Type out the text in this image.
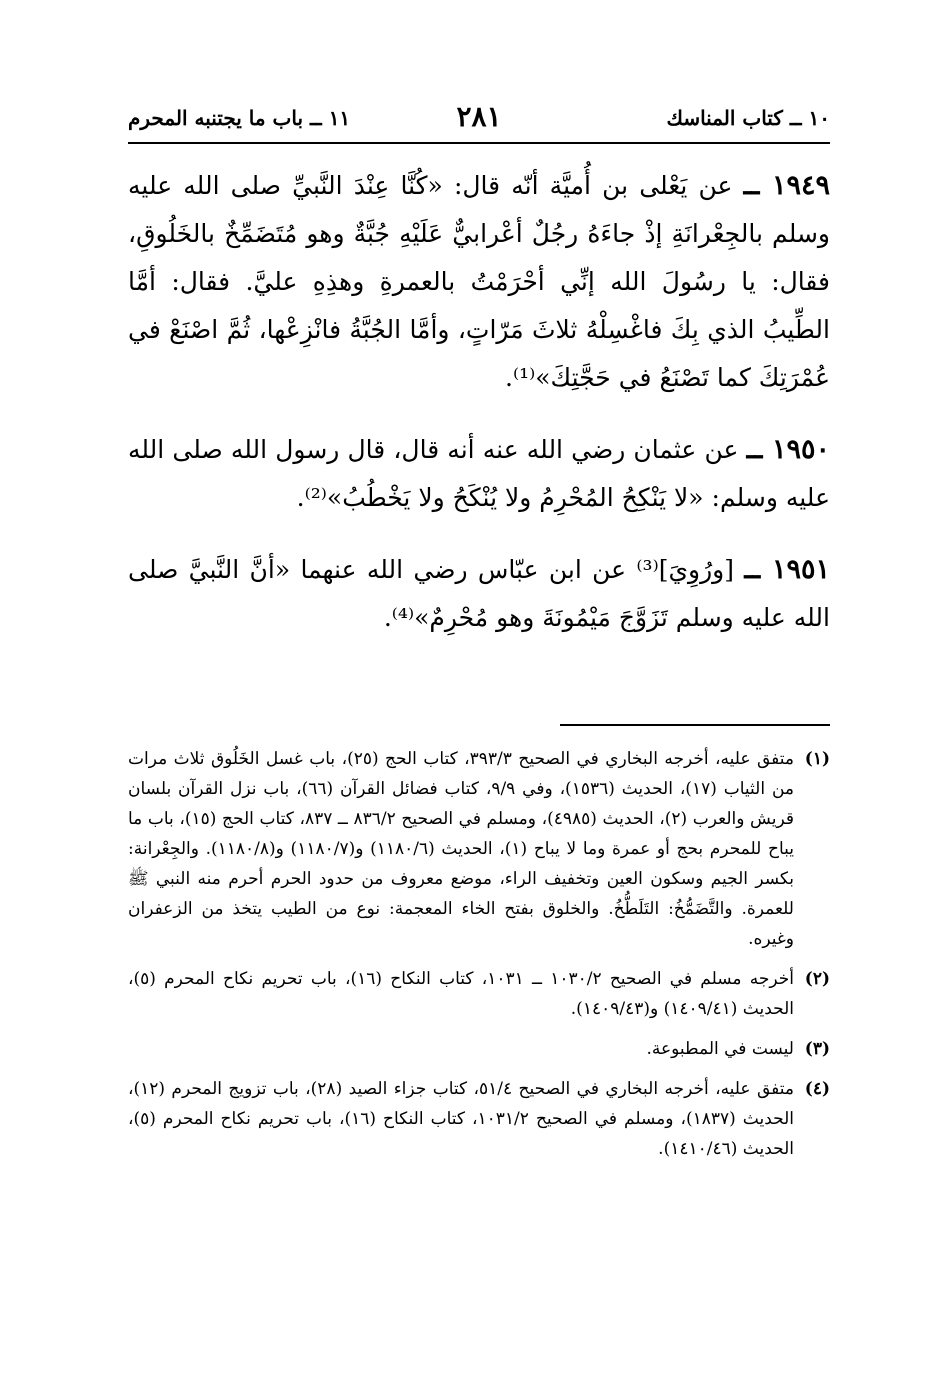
١٠ ــ كتاب المناسك
٢٨١
١١ ــ باب ما يجتنبه المحرم

١٩٤٩ ــ عن يَعْلى بن أُميَّة أنّه قال: «كُنَّا عِنْدَ النَّبيِّ صلى الله عليه وسلم بالجِعْرانَةِ إذْ جاءَهُ رجُلٌ أعْرابيٌّ عَلَيْهِ جُبَّةٌ وهو مُتَضَمِّخٌ بالخَلُوقِ، فقال: يا رسُولَ الله إنِّي أحْرَمْتُ بالعمرةِ وهذِهِ عليَّ. فقال: أمَّا الطِّيبُ الذي بِكَ فاغْسِلْهُ ثلاثَ مَرّاتٍ، وأمَّا الجُبَّةُ فانْزِعْها، ثُمَّ اصْنَعْ في عُمْرَتِكَ كما تَصْنَعُ في حَجَّتِكَ»⁽¹⁾.

١٩٥٠ ــ عن عثمان رضي الله عنه أنه قال، قال رسول الله صلى الله عليه وسلم: «لا يَنْكِحُ المُحْرِمُ ولا يُنْكَحُ ولا يَخْطُبُ»⁽²⁾.

١٩٥١ ــ [ورُوِيَ]⁽³⁾ عن ابن عبّاس رضي الله عنهما «أنَّ النَّبيَّ صلى الله عليه وسلم تَزَوَّجَ مَيْمُونَةَ وهو مُحْرِمٌ»⁽⁴⁾.

(١)
متفق عليه، أخرجه البخاري في الصحيح ٣٩٣/٣، كتاب الحج (٢٥)، باب غسل الخَلُوق ثلاث مرات من الثياب (١٧)، الحديث (١٥٣٦)، وفي ٩/٩، كتاب فضائل القرآن (٦٦)، باب نزل القرآن بلسان قريش والعرب (٢)، الحديث (٤٩٨٥)، ومسلم في الصحيح ٨٣٦/٢ ــ ٨٣٧، كتاب الحج (١٥)، باب ما يباح للمحرم بحج أو عمرة وما لا يباح (١)، الحديث (١١٨٠/٦) و(١١٨٠/٧) و(١١٨٠/٨). والجِعْرانة: بكسر الجيم وسكون العين وتخفيف الراء، موضع معروف من حدود الحرم أحرم منه النبي ﷺ للعمرة. والتَّضَمُّخُ: التَلَطُّخُ. والخلوق بفتح الخاء المعجمة: نوع من الطيب يتخذ من الزعفران وغيره.
(٢)
أخرجه مسلم في الصحيح ١٠٣٠/٢ ــ ١٠٣١، كتاب النكاح (١٦)، باب تحريم نكاح المحرم (٥)، الحديث (١٤٠٩/٤١) و(١٤٠٩/٤٣).
(٣)
ليست في المطبوعة.
(٤)
متفق عليه، أخرجه البخاري في الصحيح ٥١/٤، كتاب جزاء الصيد (٢٨)، باب تزويج المحرم (١٢)، الحديث (١٨٣٧)، ومسلم في الصحيح ١٠٣١/٢، كتاب النكاح (١٦)، باب تحريم نكاح المحرم (٥)، الحديث (١٤١٠/٤٦).
